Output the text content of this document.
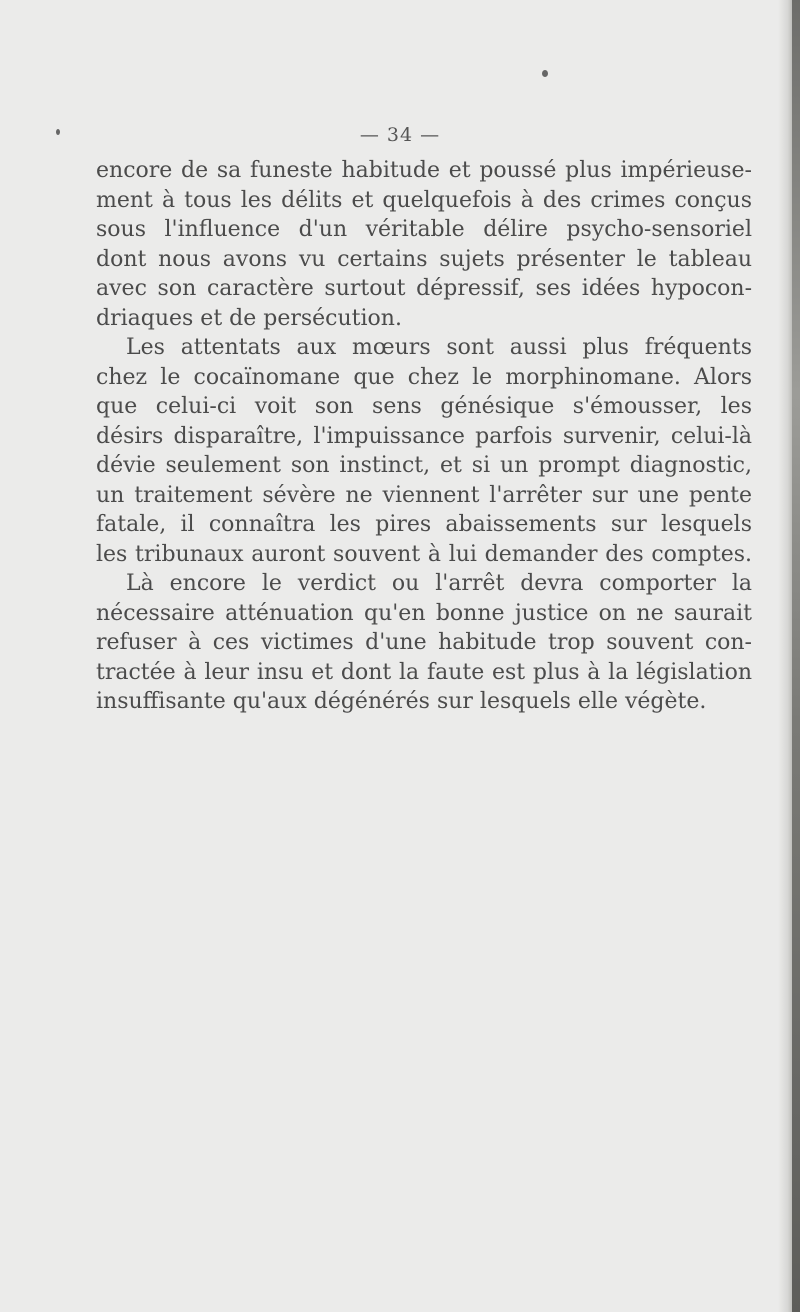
— 34 —
encore de sa funeste habitude et poussé plus impérieuse-
ment à tous les délits et quelquefois à des crimes conçus
sous l'influence d'un véritable délire psycho-sensoriel
dont nous avons vu certains sujets présenter le tableau
avec son caractère surtout dépressif, ses idées hypocon-
driaques et de persécution.
Les attentats aux mœurs sont aussi plus fréquents
chez le cocaïnomane que chez le morphinomane. Alors
que celui-ci voit son sens génésique s'émousser, les
désirs disparaître, l'impuissance parfois survenir, celui-là
dévie seulement son instinct, et si un prompt diagnostic,
un traitement sévère ne viennent l'arrêter sur une pente
fatale, il connaîtra les pires abaissements sur lesquels
les tribunaux auront souvent à lui demander des comptes.
Là encore le verdict ou l'arrêt devra comporter la
nécessaire atténuation qu'en bonne justice on ne saurait
refuser à ces victimes d'une habitude trop souvent con-
tractée à leur insu et dont la faute est plus à la législation
insuffisante qu'aux dégénérés sur lesquels elle végète.
